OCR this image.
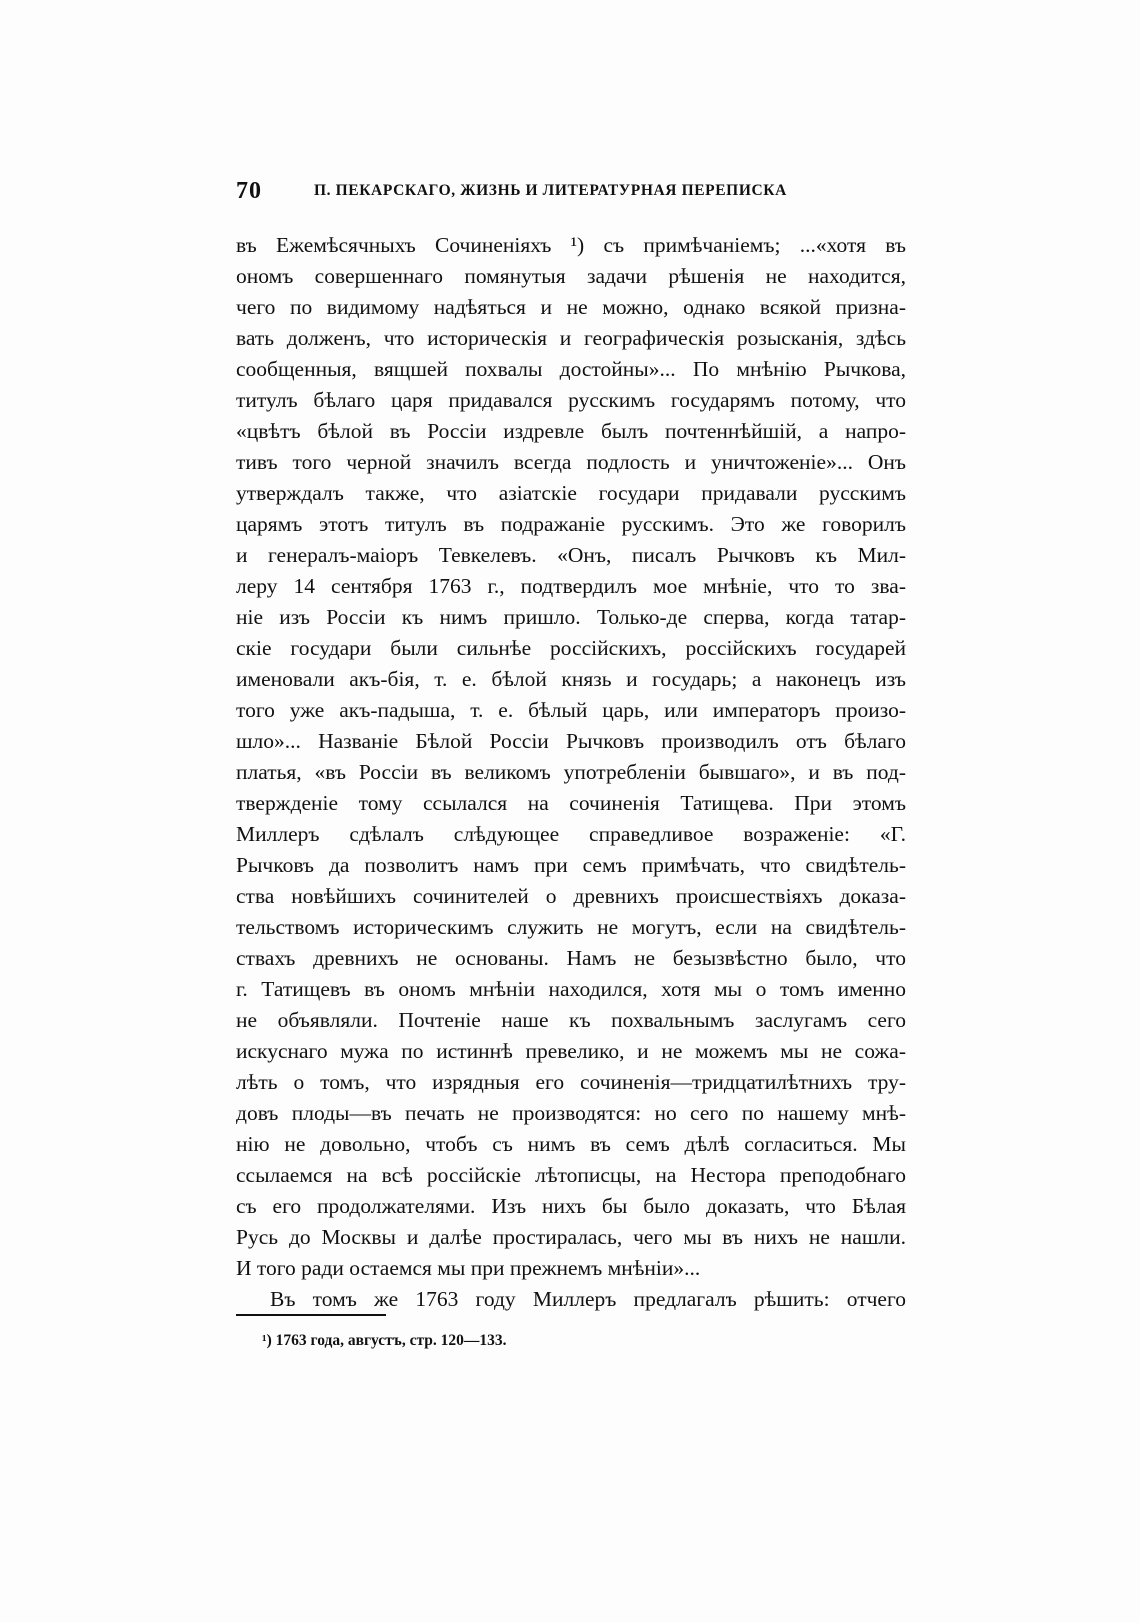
70	П. ПЕКАРСКАГО, ЖИЗНЬ И ЛИТЕРАТУРНАЯ ПЕРЕПИСКА
въ Ежемѣсячныхъ Сочиненіяхъ ¹) съ примѣчаніемъ; ...«хотя въ
ономъ совершеннаго помянутыя задачи рѣшенія не находится,
чего по видимому надѣяться и не можно, однако всякой призна-
вать долженъ, что историческія и географическія розысканія, здѣсь
сообщенныя, вящшей похвалы достойны»... По мнѣнію Рычкова,
титулъ бѣлаго царя придавался русскимъ государямъ потому, что
«цвѣтъ бѣлой въ Россіи издревле былъ почтеннѣйшій, а напро-
тивъ того черной значилъ всегда подлость и уничтоженіе»... Онъ
утверждалъ также, что азіатскіе государи придавали русскимъ
царямъ этотъ титулъ въ подражаніе русскимъ. Это же говорилъ
и генералъ-маіоръ Тевкелевъ. «Онъ, писалъ Рычковъ къ Мил-
леру 14 сентября 1763 г., подтвердилъ мое мнѣніе, что то зва-
ніе изъ Россіи къ нимъ пришло. Только-де сперва, когда татар-
скіе государи были сильнѣе россійскихъ, россійскихъ государей
именовали акъ-бія, т. е. бѣлой князь и государь; а наконецъ изъ
того уже акъ-падыша, т. е. бѣлый царь, или императоръ произо-
шло»... Названіе Бѣлой Россіи Рычковъ производилъ отъ бѣлаго
платья, «въ Россіи въ великомъ употребленіи бывшаго», и въ под-
твержденіе тому ссылался на сочиненія Татищева. При этомъ
Миллеръ сдѣлалъ слѣдующее справедливое возраженіе: «Г.
Рычковъ да позволитъ намъ при семъ примѣчать, что свидѣтель-
ства новѣйшихъ сочинителей о древнихъ происшествіяхъ доказа-
тельствомъ историческимъ служить не могутъ, если на свидѣтель-
ствахъ древнихъ не основаны. Намъ не безызвѣстно было, что
г. Татищевъ въ ономъ мнѣніи находился, хотя мы о томъ именно
не объявляли. Почтеніе наше къ похвальнымъ заслугамъ сего
искуснаго мужа по истиннѣ превелико, и не можемъ мы не сожа-
лѣть о томъ, что изрядныя его сочиненія—тридцатилѣтнихъ тру-
довъ плоды—въ печать не производятся: но сего по нашему мнѣ-
нію не довольно, чтобъ съ нимъ въ семъ дѣлѣ согласиться. Мы
ссылаемся на всѣ россійскіе лѣтописцы, на Нестора преподобнаго
съ его продолжателями. Изъ нихъ бы было доказать, что Бѣлая
Русь до Москвы и далѣе простиралась, чего мы въ нихъ не нашли.
И того ради остаемся мы при прежнемъ мнѣніи»...
Въ томъ же 1763 году Миллеръ предлагалъ рѣшить: отчего
¹) 1763 года, августъ, стр. 120—133.
